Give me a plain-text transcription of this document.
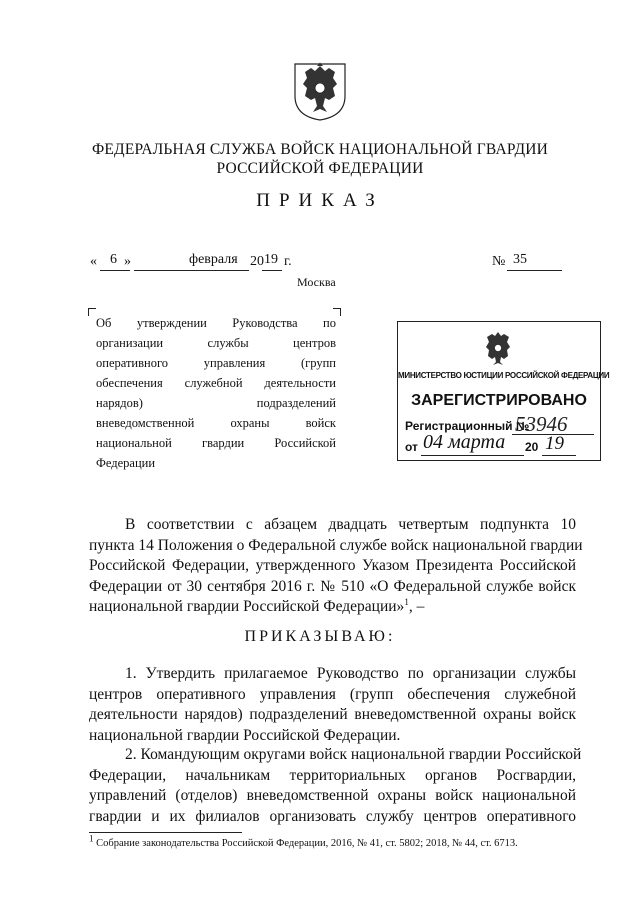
ФЕДЕРАЛЬНАЯ СЛУЖБА ВОЙСК НАЦИОНАЛЬНОЙ ГВАРДИИ
РОССИЙСКОЙ ФЕДЕРАЦИИ
ПРИКАЗ
« 6 »	февраля 20 19 г.	№ 35
Москва
Об утверждении Руководства по
организации службы центров
оперативного управления (групп
обеспечения служебной деятельности
нарядов) подразделений
вневедомственной охраны войск
национальной гвардии Российской
Федерации
МИНИСТЕРСТВО ЮСТИЦИИ РОССИЙСКОЙ ФЕДЕРАЦИИ
ЗАРЕГИСТРИРОВАНО
Регистрационный №
53946
от 04 марта 20 19
В соответствии с абзацем двадцать четвертым подпункта 10
пункта 14 Положения о Федеральной службе войск национальной гвардии
Российской Федерации, утвержденного Указом Президента Российской
Федерации от 30 сентября 2016 г. № 510 «О Федеральной службе войск
национальной гвардии Российской Федерации»$^1$, –
ПРИКАЗЫВАЮ:
1. Утвердить прилагаемое Руководство по организации службы
центров оперативного управления (групп обеспечения служебной
деятельности нарядов) подразделений вневедомственной охраны войск
национальной гвардии Российской Федерации.
2. Командующим округами войск национальной гвардии Российской
Федерации, начальникам территориальных органов Росгвардии,
управлений (отделов) вневедомственной охраны войск национальной
гвардии и их филиалов организовать службу центров оперативного
$^1$ Собрание законодательства Российской Федерации, 2016, № 41, ст. 5802; 2018, № 44, ст. 6713.
